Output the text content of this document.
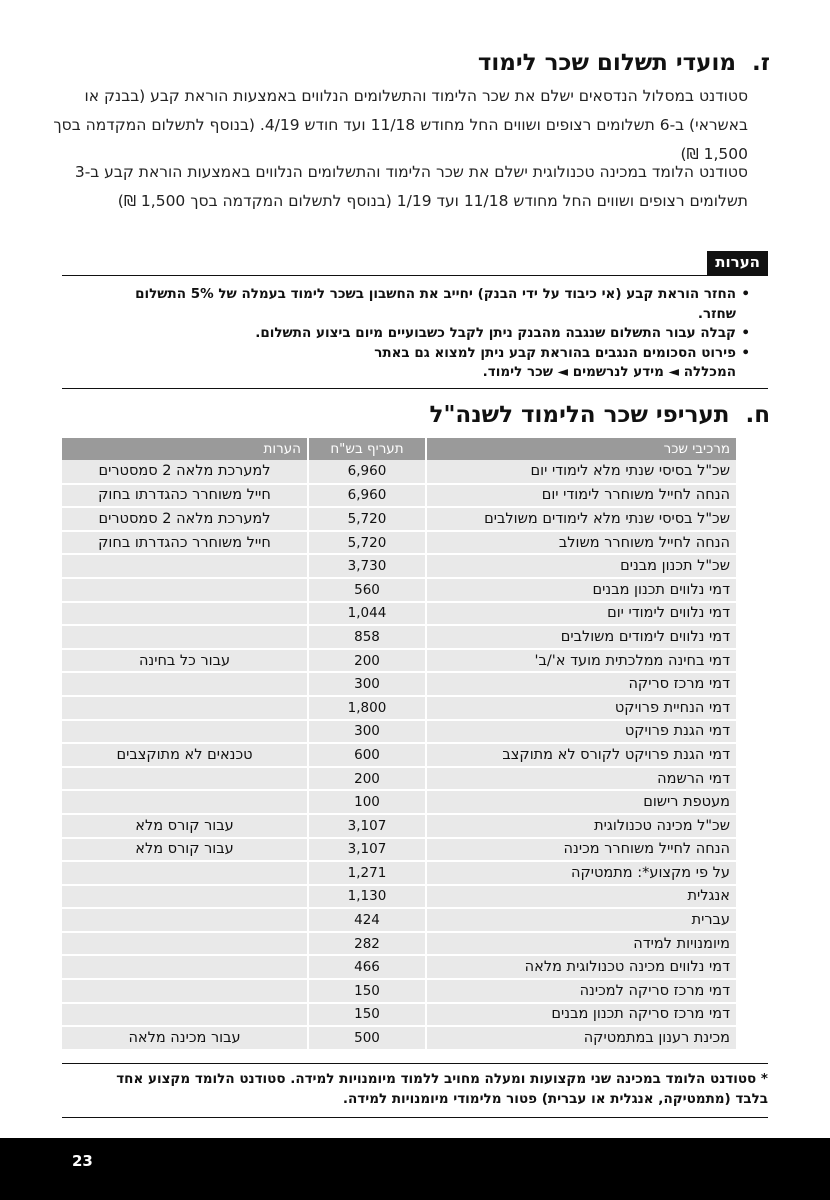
ז.
מועדי תשלום שכר לימוד

סטודנט במסלול הנדסאים ישלם את שכר הלימוד והתשלומים הנלווים באמצעות הוראת קבע (בבנק או באשראי) ב-6 תשלומים רצופים ושווים החל מחודש 11/18 ועד חודש 4/19. (בנוסף לתשלום המקדמה בסך 1,500 ₪)

סטודנט הלומד במכינה טכנולוגית ישלם את שכר הלימוד והתשלומים הנלווים באמצעות הוראת קבע ב-3 תשלומים רצופים ושווים החל מחודש 11/18 ועד 1/19 (בנוסף לתשלום המקדמה בסך 1,500 ₪)

הערות
• החזר הוראת קבע (אי כיבוד על ידי הבנק) יחייב את החשבון בשכר לימוד בעמלה של 5% התשלום שחזר.
• קבלה עבור התשלום שנגבה מהבנק ניתן לקבל כשבועיים מיום ביצוע התשלום.
• פירוט הסכומים הנגבים בהוראת קבע ניתן למצוא גם באתר המכללה ◄ מידע לנרשמים ◄ שכר לימוד.
ח.
תעריפי שכר הלימוד לשנה"ל
מרכיבי שכר	תעריף בש"ח	הערות
שכ"ל בסיסי שנתי מלא לימודי יום	6,960	למערכת מלאה 2 סמסטרים
הנחה לחייל משוחרר לימודי יום	6,960	חייל משוחרר כהגדרתו בחוק
שכ"ל בסיסי שנתי מלא לימודים משולבים	5,720	למערכת מלאה 2 סמסטרים
הנחה לחייל משוחרר משולב	5,720	חייל משוחרר כהגדרתו בחוק
שכ"ל תכנון מבנים	3,730	
דמי נלווים תכנון מבנים	560	
דמי נלווים לימודי יום	1,044	
דמי נלווים לימודים משולבים	858	
דמי בחינה ממלכתית מועד א'/ב'	200	עבור כל בחינה
דמי מרכז סריקה	300	
דמי הנחיית פרויקט	1,800	
דמי הגנת פרויקט	300	
דמי הגנת פרויקט לקורס לא מתוקצב	600	טכנאים לא מתוקצבים
דמי הרשמה	200	
מעטפת רישום	100	
שכ"ל מכינה טכנולוגית	3,107	עבור קורס מלא
הנחה לחייל משוחרר מכינה	3,107	עבור קורס מלא
על פי מקצוע*: מתמטיקה	1,271	
אנגלית	1,130	
עברית	424	
מיומנויות למידה	282	
דמי נלווים מכינה טכנולוגית מלאה	466	
דמי מרכז סריקה למכינה	150	
דמי מרכז סריקה תכנון מבנים	150	
מכינת רענון במתמטיקה	500	עבור מכינה מלאה

* סטודנט הלומד במכינה שני מקצועות ומעלה מחויב ללמוד מיומנויות למידה. סטודנט הלומד מקצוע אחד בלבד (מתמטיקה, אנגלית או עברית) פטור מלימודי מיומנויות למידה.

23
